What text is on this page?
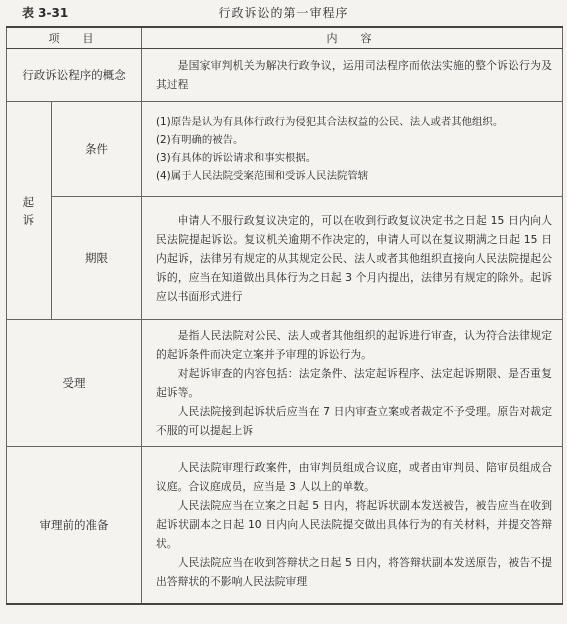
表 3-31	行政诉讼的第一审程序
项　目		内　容
行政诉讼程序的概念		是国家审判机关为解决行政争议，运用司法程序而依法实施的整个诉讼行为及其过程
起诉	条件	(1)原告是认为有具体行政行为侵犯其合法权益的公民、法人或者其他组织。
(2)有明确的被告。
(3)有具体的诉讼请求和事实根据。
(4)属于人民法院受案范围和受诉人民法院管辖

	期限	申请人不服行政复议决定的，可以在收到行政复议决定书之日起 15 日内向人民法院提起诉讼。复议机关逾期不作决定的，申请人可以在复议期满之日起 15 日内起诉，法律另有规定的从其规定公民、法人或者其他组织直接向人民法院提起公诉的，应当在知道做出具体行为之日起 3 个月内提出，法律另有规定的除外。起诉应以书面形式进行
受理		是指人民法院对公民、法人或者其他组织的起诉进行审查，认为符合法律规定的起诉条件而决定立案并予审理的诉讼行为。
对起诉审查的内容包括：法定条件、法定起诉程序、法定起诉期限、是否重复起诉等。
人民法院接到起诉状后应当在 7 日内审查立案或者裁定不予受理。原告对裁定不服的可以提起上诉

审理前的准备		人民法院审理行政案件，由审判员组成合议庭，或者由审判员、陪审员组成合议庭。合议庭成员，应当是 3 人以上的单数。
人民法院应当在立案之日起 5 日内，将起诉状副本发送被告，被告应当在收到起诉状副本之日起 10 日内向人民法院提交做出具体行为的有关材料，并提交答辩状。
人民法院应当在收到答辩状之日起 5 日内，将答辩状副本发送原告，被告不提出答辩状的不影响人民法院审理
